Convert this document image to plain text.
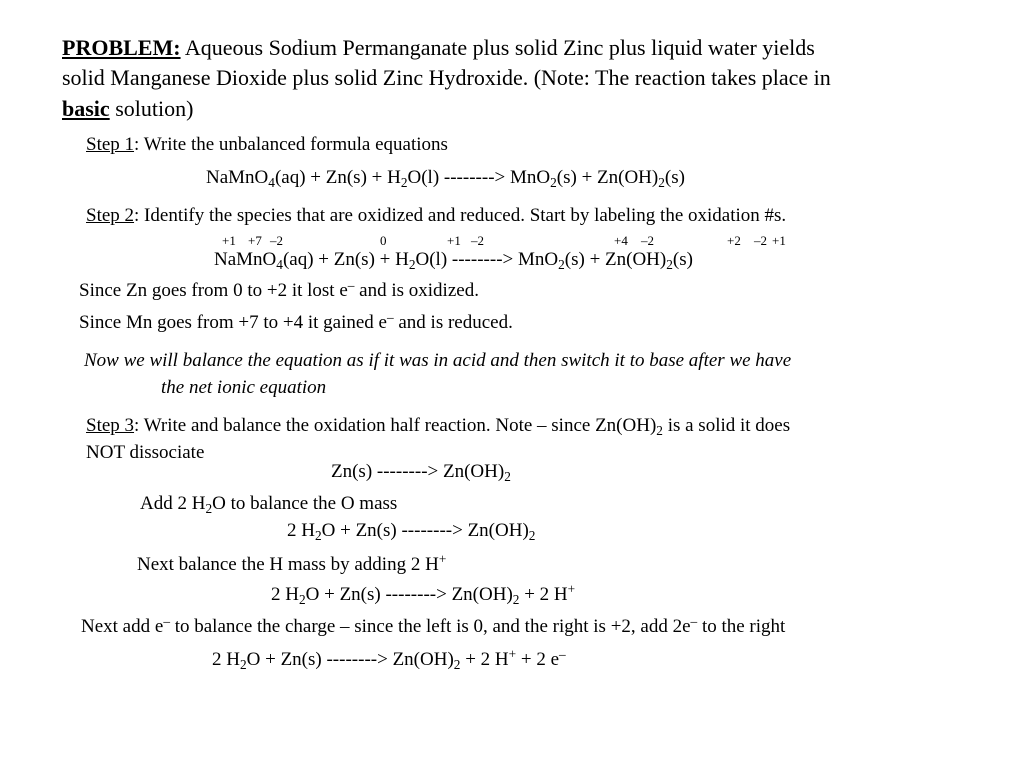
PROBLEM: Aqueous Sodium Permanganate plus solid Zinc plus liquid water yields
solid Manganese Dioxide plus solid Zinc Hydroxide. (Note: The reaction takes place in
basic solution)
Step 1: Write the unbalanced formula equations
NaMnO$_4$(aq) + $Zn(s) + H_2O(l)$ --------> $MnO_2(s) + Zn(OH)_2(s)$
Step 2: Identify the species that are oxidized and reduced. Start by labeling the oxidation #s.
+1 +7 –2	0	+1 –2	+4 –2	+2 –2 +1
NaMnO$_4$(aq) + $Zn(s) + H_2O(l)$ --------> $MnO_2(s) + Zn(OH)_2(s)$
Since Zn goes from 0 to +2 it lost e– and is oxidized.
Since Mn goes from +7 to +4 it gained e– and is reduced.
Now we will balance the equation as if it was in acid and then switch it to base after we have
the net ionic equation
Step 3: Write and balance the oxidation half reaction. Note – since $Zn(OH)_2$ is a solid it does
NOT dissociate
Zn(s) --------> $Zn(OH)_2$
Add 2 $H_2O$ to balance the O mass
2 $H_2O + Zn(s)$ --------> $Zn(OH)_2$
Next balance the H mass by adding 2 H+
2 $H_2O + Zn(s)$ --------> $Zn(OH)_2 + 2$ H+
Next add e– to balance the charge – since the left is 0, and the right is +2, add 2e– to the right
2 $H_2O + Zn(s)$ --------> $Zn(OH)_2 + 2$ H+ + 2 e–
